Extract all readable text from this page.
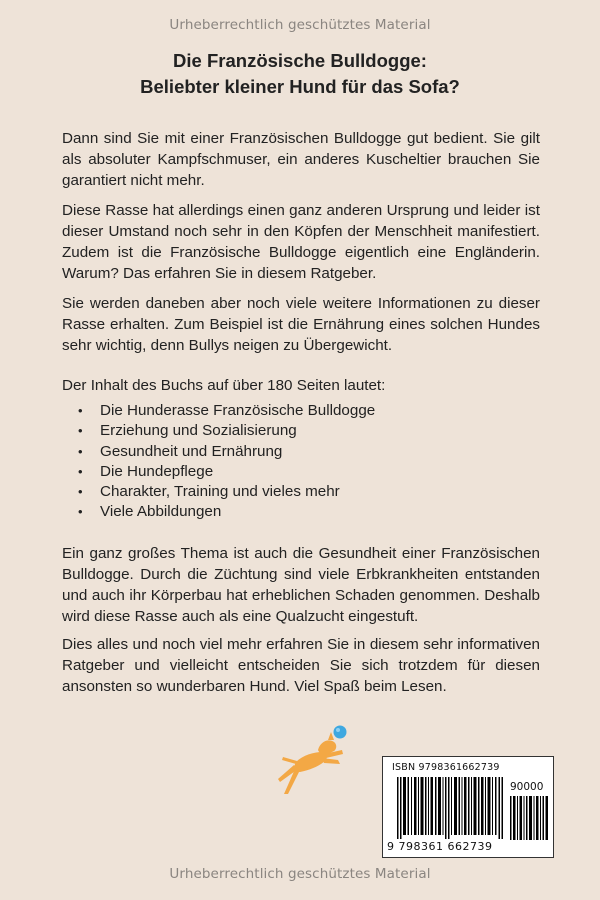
Urheberrechtlich geschütztes Material
Die Französische Bulldogge:
Beliebter kleiner Hund für das Sofa?

Dann sind Sie mit einer Französischen Bulldogge gut bedient. Sie gilt als absoluter Kampfschmuser, ein anderes Kuscheltier brauchen Sie garantiert nicht mehr.

Diese Rasse hat allerdings einen ganz anderen Ursprung und leider ist dieser Umstand noch sehr in den Köpfen der Menschheit manifestiert. Zudem ist die Französische Bulldogge eigentlich eine Engländerin. Warum? Das erfahren Sie in diesem Ratgeber.

Sie werden daneben aber noch viele weitere Informationen zu dieser Rasse erhalten. Zum Beispiel ist die Ernährung eines solchen Hundes sehr wichtig, denn Bullys neigen zu Übergewicht.

Der Inhalt des Buchs auf über 180 Seiten lautet:
•	Die Hunderasse Französische Bulldogge
•	Erziehung und Sozialisierung
•	Gesundheit und Ernährung
•	Die Hundepflege
•	Charakter, Training und vieles mehr
•	Viele Abbildungen

Ein ganz großes Thema ist auch die Gesundheit einer Französischen Bulldogge. Durch die Züchtung sind viele Erbkrankheiten entstanden und auch ihr Körperbau hat erheblichen Schaden genommen. Deshalb wird diese Rasse auch als eine Qualzucht eingestuft.

Dies alles und noch viel mehr erfahren Sie in diesem sehr informativen Ratgeber und vielleicht entscheiden Sie sich trotzdem für diesen ansonsten so wunderbaren Hund. Viel Spaß beim Lesen.

ISBN 9798361662739
90000
9 798361 662739
Urheberrechtlich geschütztes Material
